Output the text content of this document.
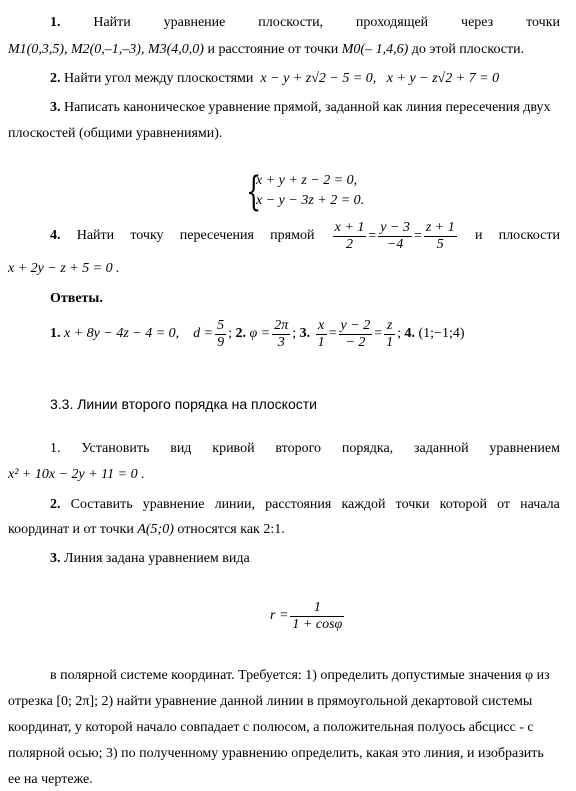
1. Найти уравнение плоскости, проходящей через точки
M1(0,3,5), M2(0,–1,–3), M3(4,0,0) и расстояние от точки M0(– 1,4,6) до этой плоскости.
2. Найти угол между плоскостями x − y + z√2 − 5 = 0, x + y − z√2 + 7 = 0
3. Написать каноническое уравнение прямой, заданной как линия пересечения двух
плоскостей (общими уравнениями).
{
x + y + z − 2 = 0,
x − y − 3z + 2 = 0.
4. Найти точку пересечения прямой $\frac{x + 1}{2} = \frac{y - 3}{-4} = \frac{z + 1}{5}$ и плоскости
x + 2y − z + 5 = 0 .
Ответы.
1.
x + 8y − 4z − 4 = 0,
$d = \frac{5}{9}$ ; 2.
$\varphi = \frac{2\pi}{3}$ ; 3.
$\frac{x}{1} = \frac{y - 2}{- 2} = \frac{z}{1}$ ; 4.
(1;−1;4)
3.3. Линии второго порядка на плоскости
1. Установить вид кривой второго порядка, заданной уравнением
x² + 10x − 2y + 11 = 0 .
2. Составить уравнение линии, расстояния каждой точки которой от начала
координат и от точки A(5;0) относятся как 2:1.
3. Линия задана уравнением вида
$r = \frac{1}{1 + \cos\varphi}$
в полярной системе координат. Требуется: 1) определить допустимые значения φ из
отрезка [0; 2π]; 2) найти уравнение данной линии в прямоугольной декартовой системы
координат, у которой начало совпадает с полюсом, а положительная полуось абсцисс - с
полярной осью; 3) по полученному уравнению определить, какая это линия, и изобразить
ее на чертеже.
